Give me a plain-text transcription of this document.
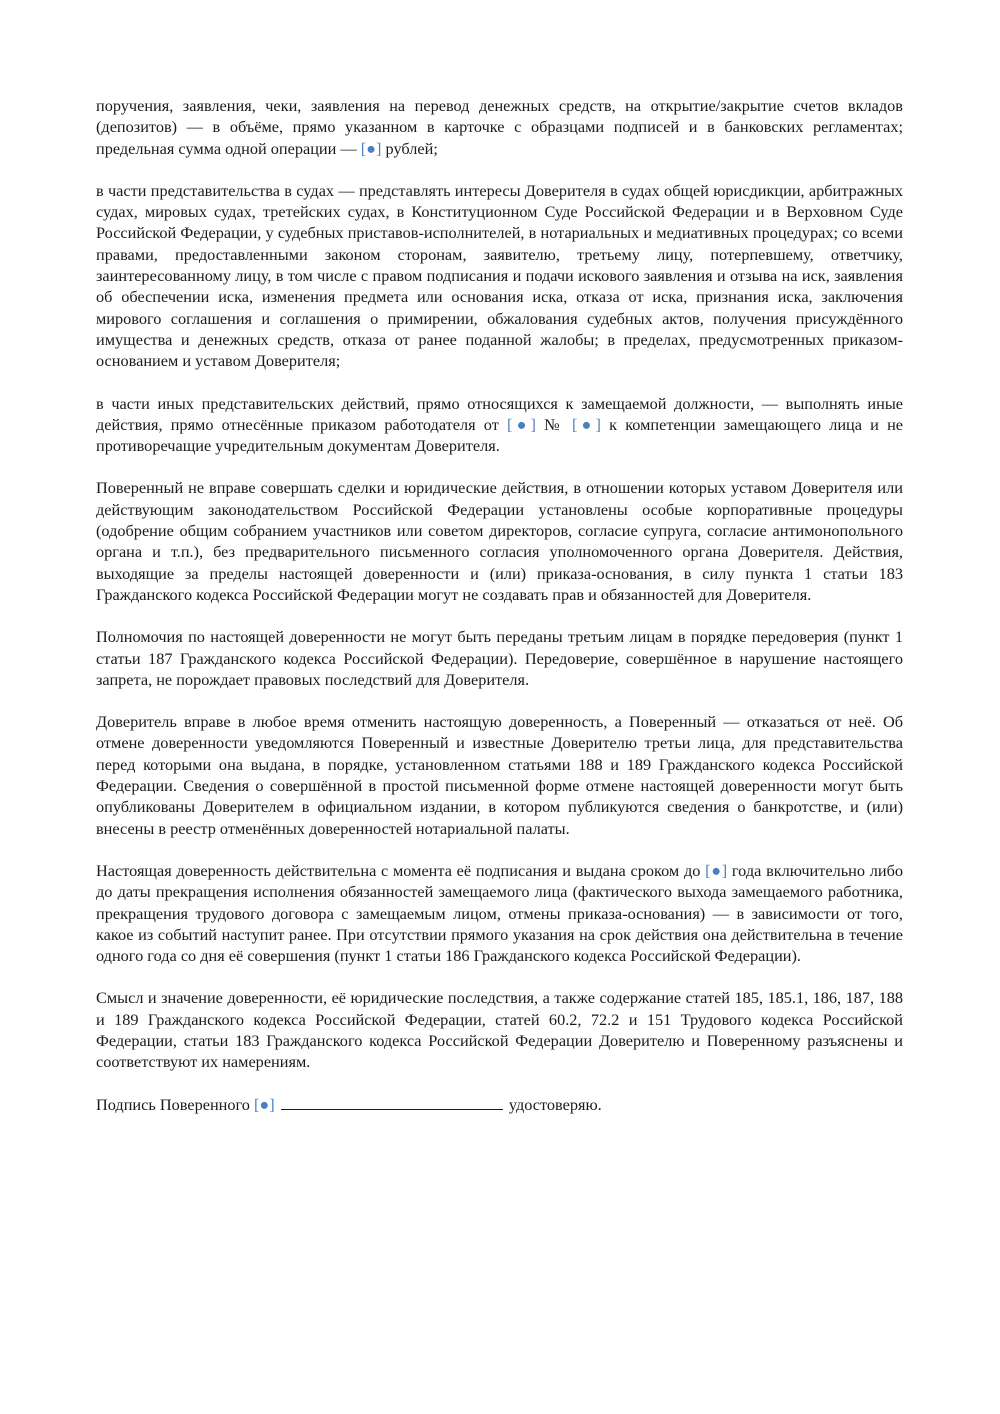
поручения, заявления, чеки, заявления на перевод денежных средств, на открытие/закрытие счетов вкладов (депозитов) — в объёме, прямо указанном в карточке с образцами подписей и в банковских регламентах; предельная сумма одной операции — [●] рублей;

в части представительства в судах — представлять интересы Доверителя в судах общей юрисдикции, арбитражных судах, мировых судах, третейских судах, в Конституционном Суде Российской Федерации и в Верховном Суде Российской Федерации, у судебных приставов-исполнителей, в нотариальных и медиативных процедурах; со всеми правами, предоставленными законом сторонам, заявителю, третьему лицу, потерпевшему, ответчику, заинтересованному лицу, в том числе с правом подписания и подачи искового заявления и отзыва на иск, заявления об обеспечении иска, изменения предмета или основания иска, отказа от иска, признания иска, заключения мирового соглашения и соглашения о примирении, обжалования судебных актов, получения присуждённого имущества и денежных средств, отказа от ранее поданной жалобы; в пределах, предусмотренных приказом-основанием и уставом Доверителя;

в части иных представительских действий, прямо относящихся к замещаемой должности, — выполнять иные действия, прямо отнесённые приказом работодателя от [●] № [●] к компетенции замещающего лица и не противоречащие учредительным документам Доверителя.

Поверенный не вправе совершать сделки и юридические действия, в отношении которых уставом Доверителя или действующим законодательством Российской Федерации установлены особые корпоративные процедуры (одобрение общим собранием участников или советом директоров, согласие супруга, согласие антимонопольного органа и т.п.), без предварительного письменного согласия уполномоченного органа Доверителя. Действия, выходящие за пределы настоящей доверенности и (или) приказа-основания, в силу пункта 1 статьи 183 Гражданского кодекса Российской Федерации могут не создавать прав и обязанностей для Доверителя.

Полномочия по настоящей доверенности не могут быть переданы третьим лицам в порядке передоверия (пункт 1 статьи 187 Гражданского кодекса Российской Федерации). Передоверие, совершённое в нарушение настоящего запрета, не порождает правовых последствий для Доверителя.

Доверитель вправе в любое время отменить настоящую доверенность, а Поверенный — отказаться от неё. Об отмене доверенности уведомляются Поверенный и известные Доверителю третьи лица, для представительства перед которыми она выдана, в порядке, установленном статьями 188 и 189 Гражданского кодекса Российской Федерации. Сведения о совершённой в простой письменной форме отмене настоящей доверенности могут быть опубликованы Доверителем в официальном издании, в котором публикуются сведения о банкротстве, и (или) внесены в реестр отменённых доверенностей нотариальной палаты.

Настоящая доверенность действительна с момента её подписания и выдана сроком до [●] года включительно либо до даты прекращения исполнения обязанностей замещаемого лица (фактического выхода замещаемого работника, прекращения трудового договора с замещаемым лицом, отмены приказа-основания) — в зависимости от того, какое из событий наступит ранее. При отсутствии прямого указания на срок действия она действительна в течение одного года со дня её совершения (пункт 1 статьи 186 Гражданского кодекса Российской Федерации).

Смысл и значение доверенности, её юридические последствия, а также содержание статей 185, 185.1, 186, 187, 188 и 189 Гражданского кодекса Российской Федерации, статей 60.2, 72.2 и 151 Трудового кодекса Российской Федерации, статьи 183 Гражданского кодекса Российской Федерации Доверителю и Поверенному разъяснены и соответствуют их намерениям.

Подпись Поверенного [●]	удостоверяю.
